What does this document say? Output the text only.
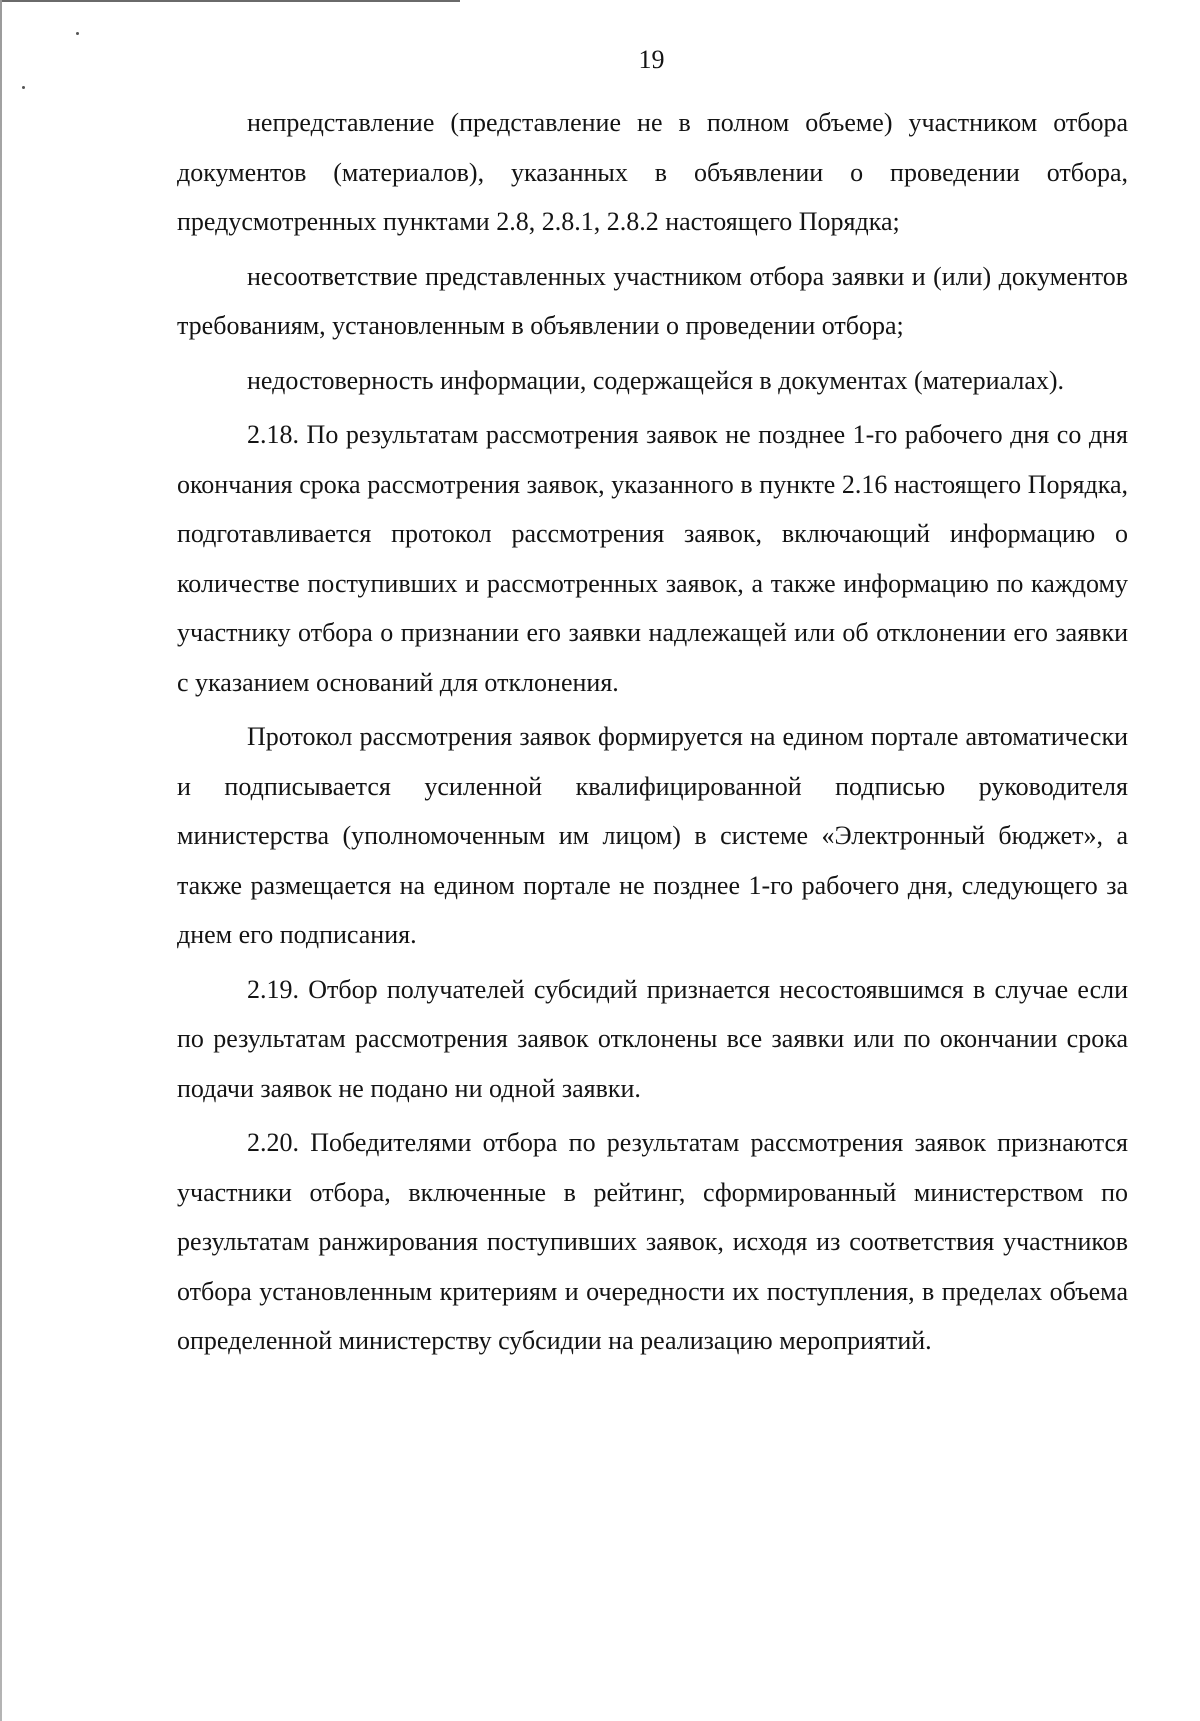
19

непредставление (представление не в полном объеме) участником отбора документов (материалов), указанных в объявлении о проведении отбора, предусмотренных пунктами 2.8, 2.8.1, 2.8.2 настоящего Порядка;

несоответствие представленных участником отбора заявки и (или) документов требованиям, установленным в объявлении о проведении отбора;

недостоверность информации, содержащейся в документах (материалах).

2.18. По результатам рассмотрения заявок не позднее 1-го рабочего дня со дня окончания срока рассмотрения заявок, указанного в пункте 2.16 настоящего Порядка, подготавливается протокол рассмотрения заявок, включающий информацию о количестве поступивших и рассмотренных заявок, а также информацию по каждому участнику отбора о признании его заявки надлежащей или об отклонении его заявки с указанием оснований для отклонения.

Протокол рассмотрения заявок формируется на едином портале автоматически и подписывается усиленной квалифицированной подписью руководителя министерства (уполномоченным им лицом) в системе «Электронный бюджет», а также размещается на едином портале не позднее 1-го рабочего дня, следующего за днем его подписания.

2.19. Отбор получателей субсидий признается несостоявшимся в случае если по результатам рассмотрения заявок отклонены все заявки или по окончании срока подачи заявок не подано ни одной заявки.

2.20. Победителями отбора по результатам рассмотрения заявок признаются участники отбора, включенные в рейтинг, сформированный министерством по результатам ранжирования поступивших заявок, исходя из соответствия участников отбора установленным критериям и очередности их поступления, в пределах объема определенной министерству субсидии на реализацию мероприятий.
